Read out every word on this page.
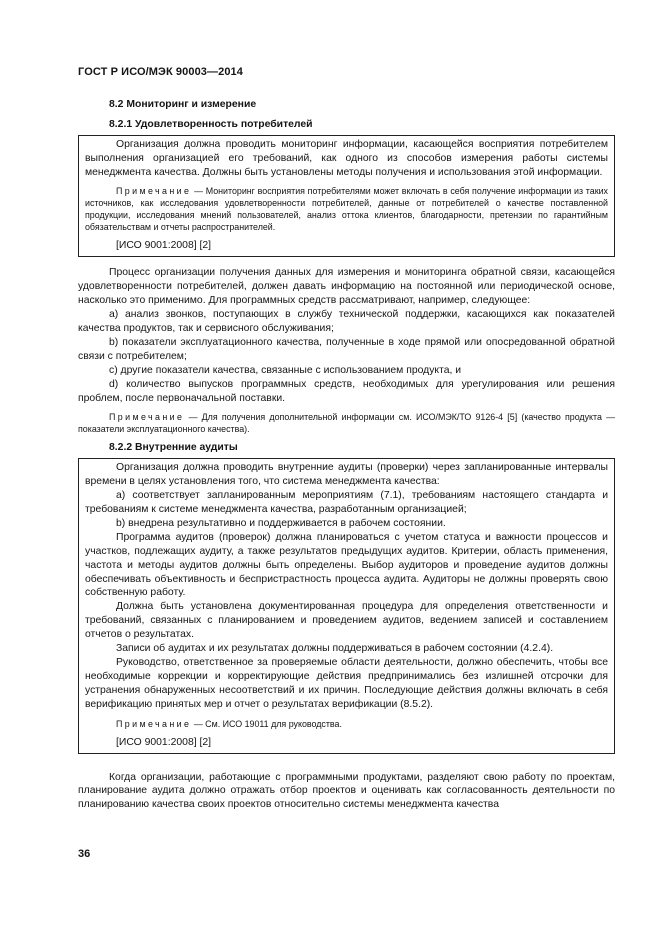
ГОСТ Р ИСО/МЭК 90003—2014
8.2 Мониторинг и измерение
8.2.1 Удовлетворенность потребителей

Организация должна проводить мониторинг информации, касающейся восприятия потребителем выполнения организацией его требований, как одного из способов измерения работы системы менеджмента качества. Должны быть установлены методы получения и использования этой информации.

Примечание — Мониторинг восприятия потребителями может включать в себя получение информации из таких источников, как исследования удовлетворенности потребителей, данные от потребителей о качестве поставленной продукции, исследования мнений пользователей, анализ оттока клиентов, благодарности, претензии по гарантийным обязательствам и отчеты распространителей.

[ИСО 9001:2008] [2]

Процесс организации получения данных для измерения и мониторинга обратной связи, касающейся удовлетворенности потребителей, должен давать информацию на постоянной или периодической основе, насколько это применимо. Для программных средств рассматривают, например, следующее:

а) анализ звонков, поступающих в службу технической поддержки, касающихся как показателей качества продуктов, так и сервисного обслуживания;

b) показатели эксплуатационного качества, полученные в ходе прямой или опосредованной обратной связи с потребителем;

с) другие показатели качества, связанные с использованием продукта, и

d) количество выпусков программных средств, необходимых для урегулирования или решения проблем, после первоначальной поставки.

Примечание — Для получения дополнительной информации см. ИСО/МЭК/ТО 9126-4 [5] (качество продукта — показатели эксплуатационного качества).

8.2.2 Внутренние аудиты

Организация должна проводить внутренние аудиты (проверки) через запланированные интервалы времени в целях установления того, что система менеджмента качества:

а) соответствует запланированным мероприятиям (7.1), требованиям настоящего стандарта и требованиям к системе менеджмента качества, разработанным организацией;

b) внедрена результативно и поддерживается в рабочем состоянии.

Программа аудитов (проверок) должна планироваться с учетом статуса и важности процессов и участков, подлежащих аудиту, а также результатов предыдущих аудитов. Критерии, область применения, частота и методы аудитов должны быть определены. Выбор аудиторов и проведение аудитов должны обеспечивать объективность и беспристрастность процесса аудита. Аудиторы не должны проверять свою собственную работу.

Должна быть установлена документированная процедура для определения ответственности и требований, связанных с планированием и проведением аудитов, ведением записей и составлением отчетов о результатах.

Записи об аудитах и их результатах должны поддерживаться в рабочем состоянии (4.2.4).

Руководство, ответственное за проверяемые области деятельности, должно обеспечить, чтобы все необходимые коррекции и корректирующие действия предпринимались без излишней отсрочки для устранения обнаруженных несоответствий и их причин. Последующие действия должны включать в себя верификацию принятых мер и отчет о результатах верификации (8.5.2).

Примечание — См. ИСО 19011 для руководства.

[ИСО 9001:2008] [2]

Когда организации, работающие с программными продуктами, разделяют свою работу по проектам, планирование аудита должно отражать отбор проектов и оценивать как согласованность деятельности по планированию качества своих проектов относительно системы менеджмента качества

36
